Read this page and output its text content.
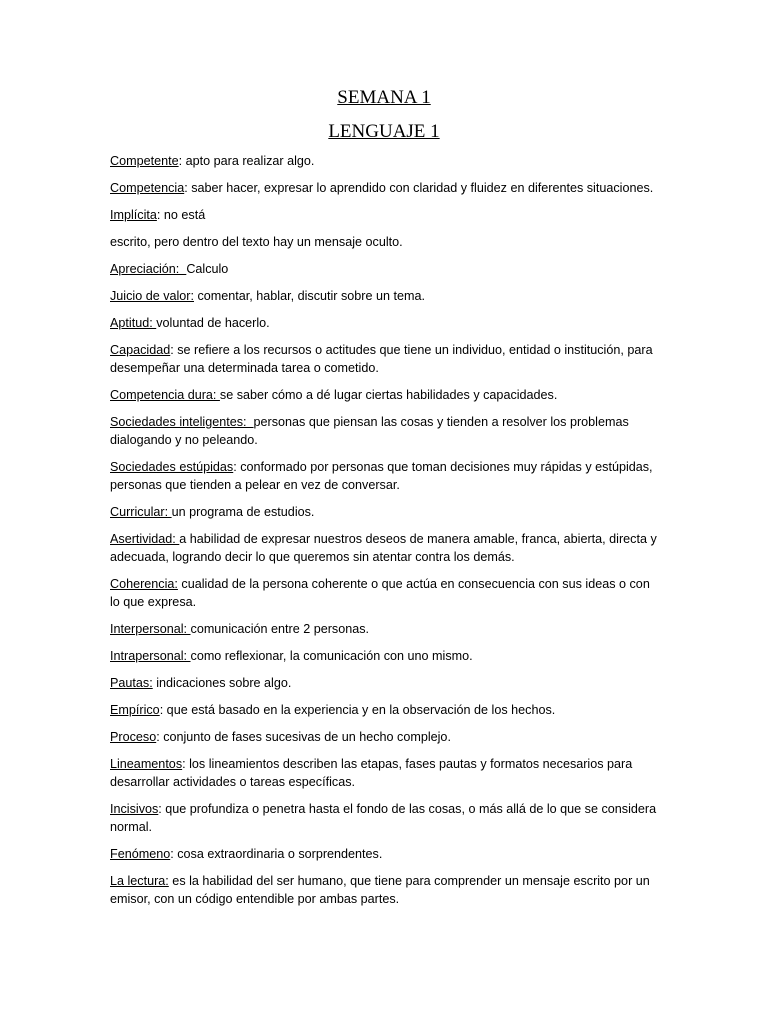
SEMANA 1
LENGUAJE 1

Competente: apto para realizar algo.

Competencia: saber hacer, expresar lo aprendido con claridad y fluidez en diferentes situaciones.

Implícita: no está

escrito, pero dentro del texto hay un mensaje oculto.

Apreciación:  Calculo

Juicio de valor: comentar, hablar, discutir sobre un tema.

Aptitud: voluntad de hacerlo.

Capacidad: se refiere a los recursos o actitudes que tiene un individuo, entidad o institución, para desempeñar una determinada tarea o cometido.

Competencia dura: se saber cómo a dé lugar ciertas habilidades y capacidades.

Sociedades inteligentes:  personas que piensan las cosas y tienden a resolver los problemas dialogando y no peleando.

Sociedades estúpidas: conformado por personas que toman decisiones muy rápidas y estúpidas, personas que tienden a pelear en vez de conversar.

Curricular: un programa de estudios.

Asertividad: a habilidad de expresar nuestros deseos de manera amable, franca, abierta, directa y adecuada, logrando decir lo que queremos sin atentar contra los demás.

Coherencia: cualidad de la persona coherente o que actúa en consecuencia con sus ideas o con lo que expresa.

Interpersonal: comunicación entre 2 personas.

Intrapersonal: como reflexionar, la comunicación con uno mismo.

Pautas: indicaciones sobre algo.

Empírico: que está basado en la experiencia y en la observación de los hechos.

Proceso: conjunto de fases sucesivas de un hecho complejo.

Lineamentos: los lineamientos describen las etapas, fases pautas y formatos necesarios para desarrollar actividades o tareas específicas.

Incisivos: que profundiza o penetra hasta el fondo de las cosas, o más allá de lo que se considera normal.

Fenómeno: cosa extraordinaria o sorprendentes.

La lectura: es la habilidad del ser humano, que tiene para comprender un mensaje escrito por un emisor, con un código entendible por ambas partes.
